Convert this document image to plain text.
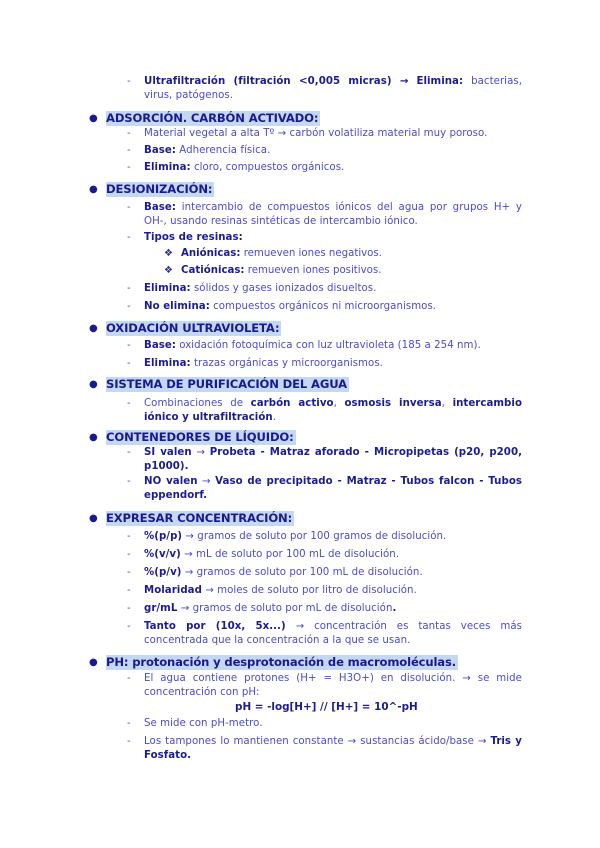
- Ultrafiltración (filtración <0,005 micras) → Elimina: bacterias, virus, patógenos.
● ADSORCIÓN. CARBÓN ACTIVADO:
- Material vegetal a alta Tº → carbón volatiliza material muy poroso.
- Base: Adherencia física.
- Elimina: cloro, compuestos orgánicos.
● DESIONIZACIÓN:
- Base: intercambio de compuestos iónicos del agua por grupos H+ y OH-, usando resinas sintéticas de intercambio iónico.
- Tipos de resinas:
❖ Aniónicas: remueven iones negativos.
❖ Catiónicas: remueven iones positivos.
- Elimina: sólidos y gases ionizados disueltos.
- No elimina: compuestos orgánicos ni microorganismos.
● OXIDACIÓN ULTRAVIOLETA:
- Base: oxidación fotoquímica con luz ultravioleta (185 a 254 nm).
- Elimina: trazas orgánicas y microorganismos.
● SISTEMA DE PURIFICACIÓN DEL AGUA
- Combinaciones de carbón activo, osmosis inversa, intercambio iónico y ultrafiltración.
● CONTENEDORES DE LÍQUIDO:
- SI valen → Probeta - Matraz aforado - Micropipetas (p20, p200, p1000).
- NO valen → Vaso de precipitado - Matraz - Tubos falcon - Tubos eppendorf.
● EXPRESAR CONCENTRACIÓN:
- %(p/p) → gramos de soluto por 100 gramos de disolución.
- %(v/v) → mL de soluto por 100 mL de disolución.
- %(p/v) → gramos de soluto por 100 mL de disolución.
- Molaridad → moles de soluto por litro de disolución.
- gr/mL → gramos de soluto por mL de disolución.
- Tanto por (10x, 5x...) → concentración es tantas veces más concentrada que la concentración a la que se usan.
● PH: protonación y desprotonación de macromoléculas.
- El agua contiene protones (H+ = H3O+) en disolución. → se mide concentración con pH:
pH = -log[H+] // [H+] = 10^-pH
- Se mide con pH-metro.
- Los tampones lo mantienen constante → sustancias ácido/base → Tris y Fosfato.
